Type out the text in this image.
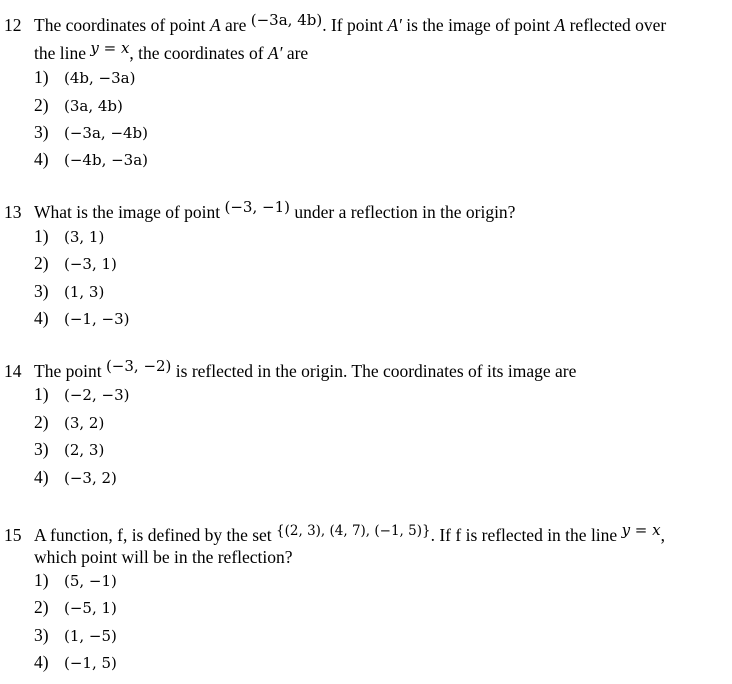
12 The coordinates of point A are (−3a, 4b). If point A′ is the image of point A reflected over
the line y = x, the coordinates of A′ are
1) (4b, −3a)
2) (3a, 4b)
3) (−3a, −4b)
4) (−4b, −3a)
13 What is the image of point (−3, −1) under a reflection in the origin?
1) (3, 1)
2) (−3, 1)
3) (1, 3)
4) (−1, −3)
14 The point (−3, −2) is reflected in the origin. The coordinates of its image are
1) (−2, −3)
2) (3, 2)
3) (2, 3)
4) (−3, 2)
15 A function, f, is defined by the set $^{\{(2, 3), (4, 7), (-1, 5)\}}$. If f is reflected in the line y = x,
which point will be in the reflection?
1) (5, −1)
2) (−5, 1)
3) (1, −5)
4) (−1, 5)
